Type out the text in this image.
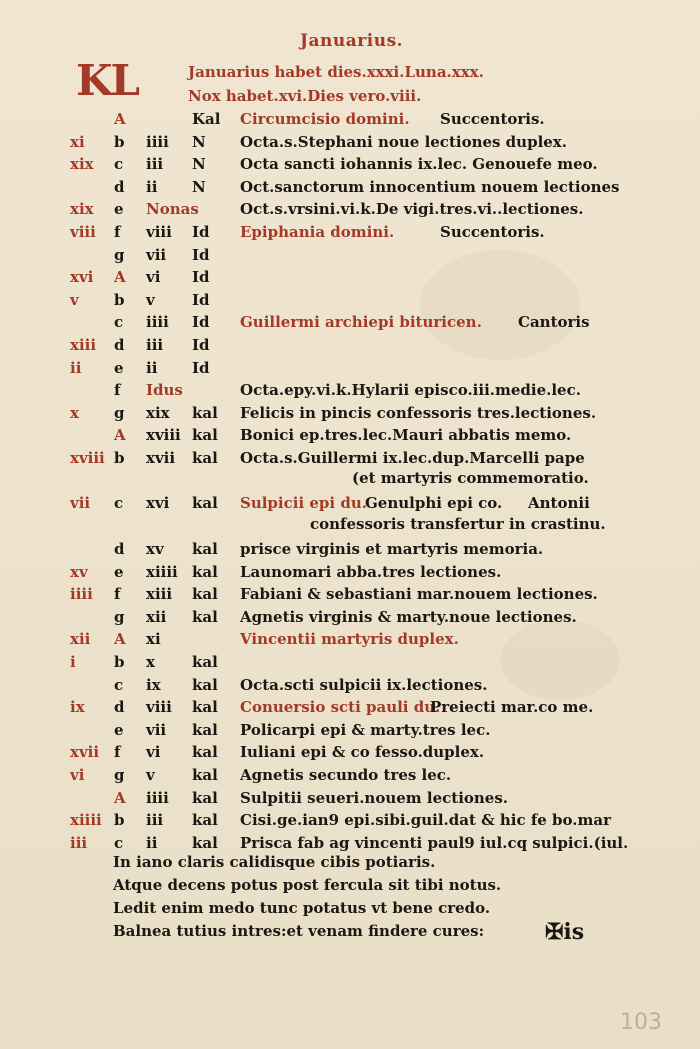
Januarius.
KL	Januarius habet dies.xxxi.Luna.xxx.
Nox habet.xvi.Dies vero.viii.
A	Kal	Circumcisio domini. Succentoris.
xi	b iiii	N	Octa.s.Stephani noue lectiones duplex.
xix	c	iii	N	Octa sancti iohannis ix.lec. Genouefe meo.
d ii	N	Oct.sanctorum innocentium nouem lectiones
xix	e Nonas	Oct.s.vrsini.vi.k.De vigi.tres.vi..lectiones.
viii	f	viii	Id	Epiphania domini.	Succentoris.
g vii	Id
xvi	A vi	Id
v	b v	Id
c	iiii	Id	Guillermi archiepi bituricen. Cantoris
xiii	d iii	Id
ii	e ii	Id
f	Idus	Octa.epy.vi.k.Hylarii episco.iii.medie.lec.
x	g xix	kal	Felicis in pincis confessoris tres.lectiones.
A xviii kal	Bonici ep.tres.lec.Mauri abbatis memo.
xviii b xvii	kal	Octa.s.Guillermi ix.lec.dup.Marcelli pape
(et martyris commemoratio.
vii	c	xvi	kal	Sulpicii epi du.
Genulphi epi co. Antonii
confessoris transfertur in crastinu.
d xv	kal	prisce virginis et martyris memoria.
xv	e xiiii kal	Launomari abba.tres lectiones.
iiii	f	xiii	kal	Fabiani & sebastiani mar.nouem lectiones.
g xii	kal	Agnetis virginis & marty.noue lectiones.
xii	A xi	Vincentii martyris duplex.
i	b x	kal
c	ix	kal	Octa.scti sulpicii ix.lectiones.
ix	d viii	kal	Conuersio scti pauli du.
Preiecti mar.co me.
e vii	kal	Policarpi epi & marty.tres lec.
xvii f	vi	kal	Iuliani epi & co fesso.duplex.
vi	g v	kal	Agnetis secundo tres lec.
A iiii	kal	Sulpitii seueri.nouem lectiones.
xiiii b iii	kal	Cisi.ge.ian9 epi.sibi.guil.dat & hic fe bo.mar
iii	c	ii	kal	Prisca fab ag vincenti paul9 iul.cq sulpici.(iul.
In iano claris calidisque cibis potiaris.
Atque decens potus post fercula sit tibi notus.
Ledit enim medo tunc potatus vt bene credo.
Balnea tutius intres:et venam findere cures:	✠is
103
